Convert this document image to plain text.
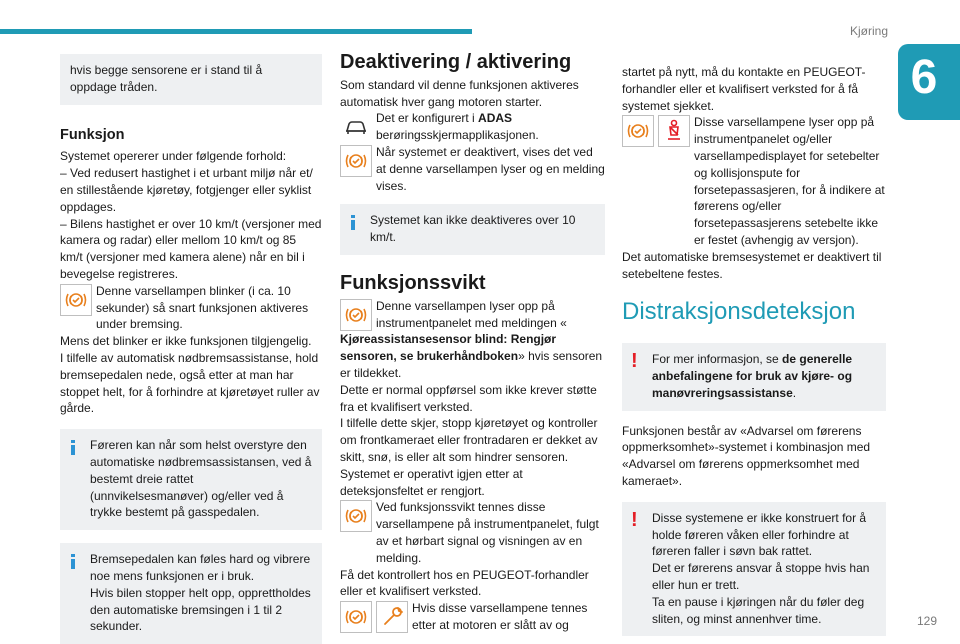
Kjøring
6

hvis begge sensorene er i stand til å oppdage tråden.

Funksjon

Systemet opererer under følgende forhold:

– Ved redusert hastighet i et urbant miljø når et/ en stillestående kjøretøy, fotgjenger eller syklist oppdages.

– Bilens hastighet er over 10 km/t (versjoner med kamera og radar) eller mellom 10 km/t og 85 km/t (versjoner med kamera alene) når en bil i bevegelse registreres.

Denne varsellampen blinker (i ca. 10 sekunder) så snart funksjonen aktiveres under bremsing.

Mens det blinker er ikke funksjonen tilgjengelig.

I tilfelle av automatisk nødbremsassistanse, hold bremsepedalen nede, også etter at man har stoppet helt, for å forhindre at kjøretøyet ruller av gårde.

Føreren kan når som helst overstyre den automatiske nødbremsassistansen, ved å bestemt dreie rattet (unnvikelsesmanøver) og/eller ved å trykke bestemt på gasspedalen.

Bremsepedalen kan føles hard og vibrere noe mens funksjonen er i bruk.

Hvis bilen stopper helt opp, opprettholdes den automatiske bremsingen i 1 til 2 sekunder.

Deaktivering / aktivering

Som standard vil denne funksjonen aktiveres automatisk hver gang motoren starter.

Det er konfigurert i ADAS berøringsskjermapplikasjonen.

Når systemet er deaktivert, vises det ved at denne varsellampen lyser og en melding vises.

Systemet kan ikke deaktiveres over 10 km/t.

Funksjonssvikt

Denne varsellampen lyser opp på instrumentpanelet med meldingen «

Kjøreassistansesensor blind: Rengjør sensoren, se brukerhåndboken» hvis sensoren er tildekket.

Dette er normal oppførsel som ikke krever støtte fra et kvalifisert verksted.

I tilfelle dette skjer, stopp kjøretøyet og kontroller om frontkameraet eller frontradaren er dekket av skitt, snø, is eller alt som hindrer sensoren.

Systemet er operativt igjen etter at deteksjonsfeltet er rengjort.

Ved funksjonssvikt tennes disse varsellampene på instrumentpanelet, fulgt av et hørbart signal og visningen av en melding.

Få det kontrollert hos en PEUGEOT-forhandler eller et kvalifisert verksted.

Hvis disse varsellampene tennes etter at motoren er slått av og

startet på nytt, må du kontakte en PEUGEOT-forhandler eller et kvalifisert verksted for å få systemet sjekket.

Disse varsellampene lyser opp på instrumentpanelet og/eller varsellampedisplayet for setebelter og kollisjonspute for forsetepassasjeren, for å indikere at førerens og/eller forsetepassasjerens setebelte ikke er festet (avhengig av versjon).

Det automatiske bremsesystemet er deaktivert til setebeltene festes.

Distraksjonsdeteksjon
! For mer informasjon, se de generelle anbefalingene for bruk av kjøre- og manøvreringsassistanse.

Funksjonen består av «Advarsel om førerens oppmerksomhet»-systemet i kombinasjon med «Advarsel om førerens oppmerksomhet med kameraet».

! Disse systemene er ikke konstruert for å holde føreren våken eller forhindre at føreren faller i søvn bak rattet.

Det er førerens ansvar å stoppe hvis han eller hun er trett.

Ta en pause i kjøringen når du føler deg sliten, og minst annenhver time.	129
